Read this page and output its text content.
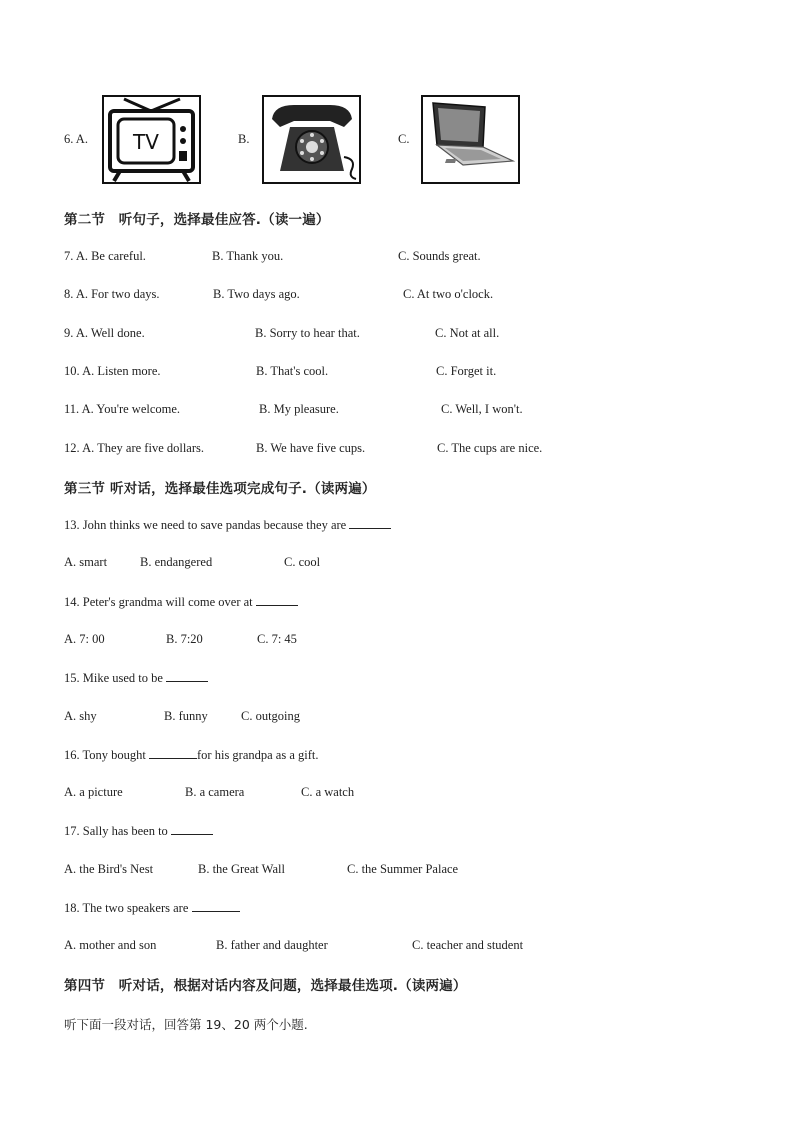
6. A. TV	B.	C.
第二节　听句子，选择最佳应答.（读一遍）
7. A. Be careful.	B. Thank you.	C. Sounds great.
8. A. For two days.	B. Two days ago.	C. At two o'clock.
9. A. Well done.	B. Sorry to hear that.	C. Not at all.
10. A. Listen more.	B. That's cool.	C. Forget it.
11. A. You're welcome.	B. My pleasure.	C. Well, I won't.
12. A. They are five dollars.	B. We have five cups.	C. The cups are nice.
第三节 听对话，选择最佳选项完成句子.（读两遍）
13. John thinks we need to save pandas because they are
A. smart	B. endangered	C. cool
14. Peter's grandma will come over at
A. 7: 00	B. 7:20	C. 7: 45
15. Mike used to be
A. shy	B. funny	C. outgoing
16. Tony bought	for his grandpa as a gift.
A. a picture	B. a camera	C. a watch
17. Sally has been to
A. the Bird's Nest	B. the Great Wall	C. the Summer Palace
18. The two speakers are
A. mother and son	B. father and daughter	C. teacher and student
第四节　听对话，根据对话内容及问题，选择最佳选项.（读两遍）
听下面一段对话，回答第 19、20 两个小题.
